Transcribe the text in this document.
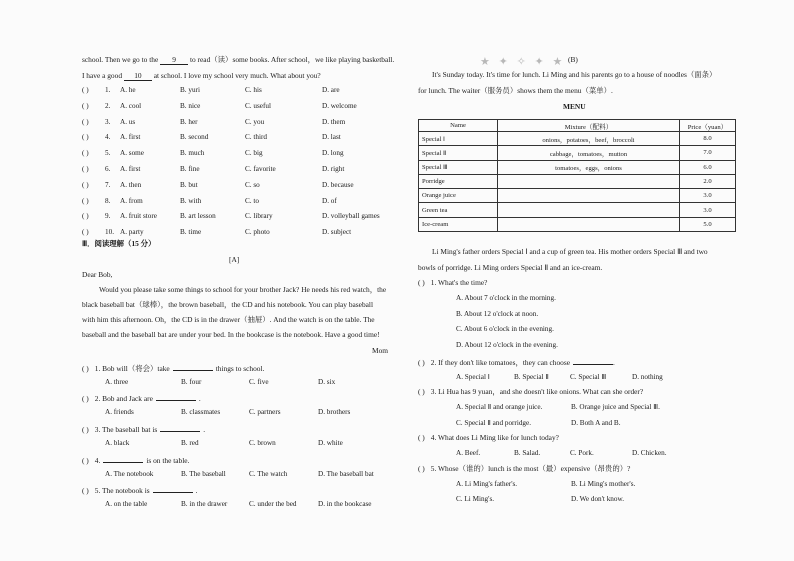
school. Then we go to the 9 to read（读）some books. After school，we like playing basketball.
I have a good 10 at school. I love my school very much. What about you?
( ) 1. A. he	B. yuri	C. his	D. are
( ) 2. A. cool	B. nice	C. useful	D. welcome
( ) 3. A. us	B. her	C. you	D. them
( ) 4. A. first	B. second	C. third	D. last
( ) 5. A. some	B. much	C. big	D. long
( ) 6. A. first	B. fine	C. favorite	D. right
( ) 7. A. then	B. but	C. so	D. because
( ) 8. A. from	B. with	C. to	D. of
( ) 9. A. fruit store	B. art lesson	C. library	D. volleyball games
( ) 10. A. party	B. time	C. photo	D. subject
Ⅲ．阅读理解（15 分）
[A]
Dear Bob,
Would you please take some things to school for your brother Jack? He needs his red watch，the
black baseball bat（球棒），the brown baseball，the CD and his notebook. You can play baseball
with him this afternoon. Oh，the CD is in the drawer（抽屉）. And the watch is on the table. The
baseball and the baseball bat are under your bed. In the bookcase is the notebook. Have a good time!
Mom
( ) 1. Bob will（将会）take	things to school.
A. three	B. four	C. five	D. six
( ) 2. Bob and Jack are	.
A. friends	B. classmates	C. partners	D. brothers
( ) 3. The baseball bat is	.
A. black	B. red	C. brown	D. white
( ) 4.	is on the table.
A. The notebook	B. The baseball	C. The watch	D. The baseball bat
( ) 5. The notebook is	.
A. on the table	B. in the drawer	C. under the bed	D. in the bookcase
★ ✦ ✧ ✦ ★ (B)
It's Sunday today. It's time for lunch. Li Ming and his parents go to a house of noodles（面条）
for lunch. The waiter（服务员）shows them the menu（菜单）.
MENU
Name	Mixture（配料）	Price（yuan）
Special Ⅰ	onions，potatoes，beef，broccoli	8.0
Special Ⅱ	cabbage，tomatoes，mutton	7.0
Special Ⅲ	tomatoes，eggs，onions	6.0
Porridge		2.0
Orange juice		3.0
Green tea		3.0
Ice-cream		5.0
Li Ming's father orders Special Ⅰ and a cup of green tea. His mother orders Special Ⅲ and two
bowls of porridge. Li Ming orders Special Ⅱ and an ice-cream.
( ) 1. What's the time?
A. About 7 o'clock in the morning.
B. About 12 o'clock at noon.
C. About 6 o'clock in the evening.
D. About 12 o'clock in the evening.
( ) 2. If they don't like tomatoes，they can choose	.
A. Special Ⅰ	B. Special Ⅱ	C. Special Ⅲ	D. nothing
( ) 3. Li Hua has 9 yuan，and she doesn't like onions. What can she order?
A. Special Ⅱ and orange juice.	B. Orange juice and Special Ⅲ.
C. Special Ⅱ and porridge.	D. Both A and B.
( ) 4. What does Li Ming like for lunch today?
A. Beef.	B. Salad.	C. Pork.	D. Chicken.
( ) 5. Whose（谁的）lunch is the most（最）expensive（昂贵的）?
A. Li Ming's father's.	B. Li Ming's mother's.
C. Li Ming's.	D. We don't know.
